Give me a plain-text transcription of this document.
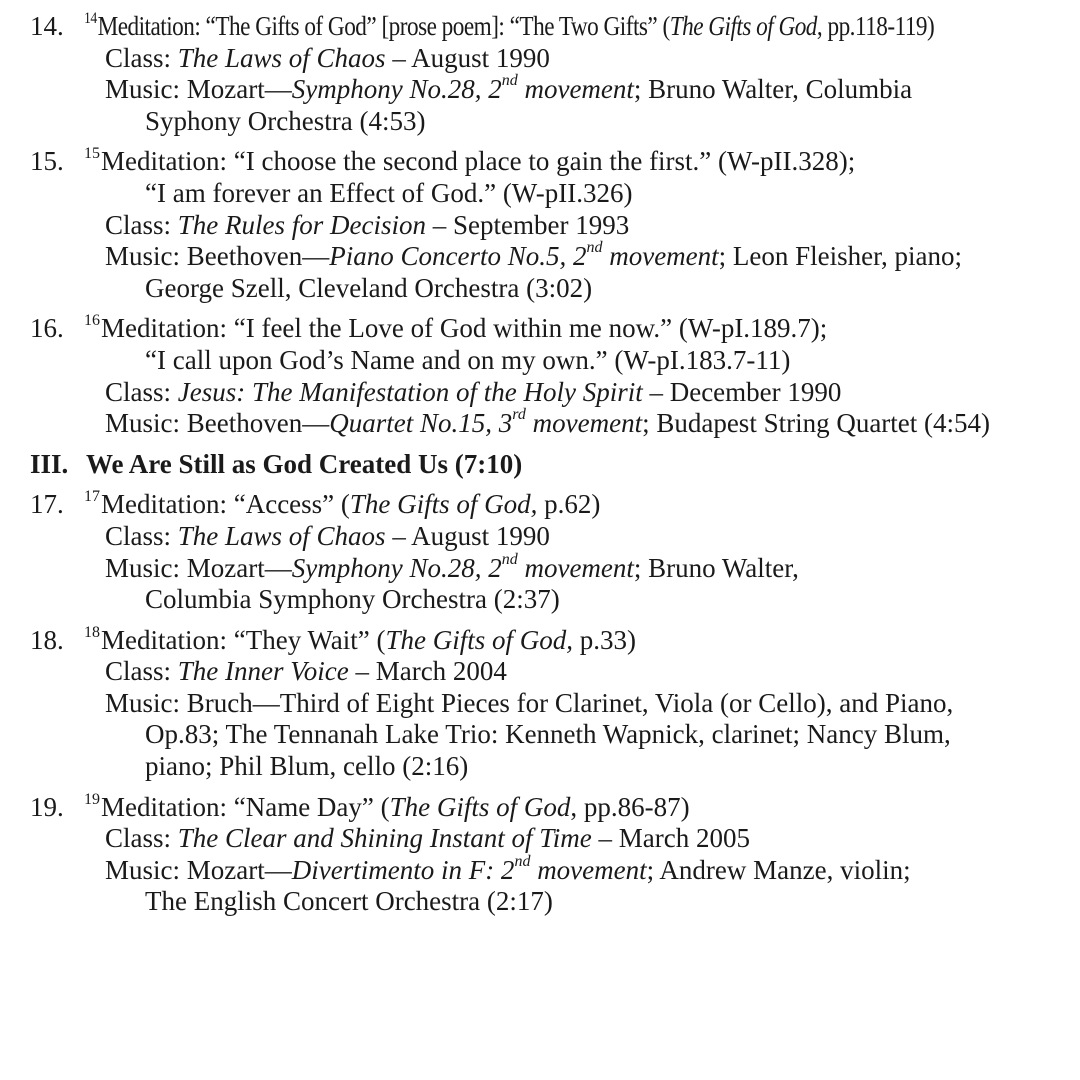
14.	$^{14}$Meditation: “The Gifts of God” [prose poem]: “The Two Gifts” (The Gifts of God, pp.118-119)
Class: The Laws of Chaos – August 1990
Music: Mozart—Symphony No.28, 2nd movement; Bruno Walter, Columbia
Syphony Orchestra (4:53)
15.	$^{15}$Meditation: “I choose the second place to gain the first.” (W-pII.328);
“I am forever an Effect of God.” (W-pII.326)
Class: The Rules for Decision – September 1993
Music: Beethoven—Piano Concerto No.5, 2nd movement; Leon Fleisher, piano;
George Szell, Cleveland Orchestra (3:02)
16.	$^{16}$Meditation: “I feel the Love of God within me now.” (W-pI.189.7);
“I call upon God’s Name and on my own.” (W-pI.183.7-11)
Class: Jesus: The Manifestation of the Holy Spirit – December 1990
Music: Beethoven—Quartet No.15, 3rd movement; Budapest String Quartet (4:54)
III. We Are Still as God Created Us (7:10)
17.	$^{17}$Meditation: “Access” (The Gifts of God, p.62)
Class: The Laws of Chaos – August 1990
Music: Mozart—Symphony No.28, 2nd movement; Bruno Walter,
Columbia Symphony Orchestra (2:37)
18.	$^{18}$Meditation: “They Wait” (The Gifts of God, p.33)
Class: The Inner Voice – March 2004
Music: Bruch—Third of Eight Pieces for Clarinet, Viola (or Cello), and Piano,
Op.83; The Tennanah Lake Trio: Kenneth Wapnick, clarinet; Nancy Blum,
piano; Phil Blum, cello (2:16)
19.	$^{19}$Meditation: “Name Day” (The Gifts of God, pp.86-87)
Class: The Clear and Shining Instant of Time – March 2005
Music: Mozart—Divertimento in F: 2nd movement; Andrew Manze, violin;
The English Concert Orchestra (2:17)
